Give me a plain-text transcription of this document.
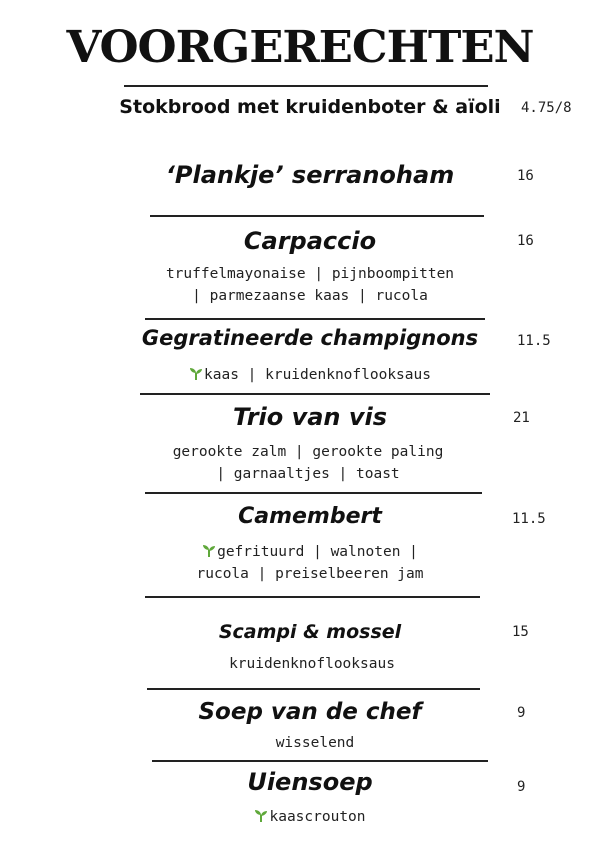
VOORGERECHTEN
Stokbrood met kruidenboter & aïoli	4.75/8
‘Plankje’ serranoham	16
Carpaccio	16
truffelmayonaise | pijnboompitten
| parmezaanse kaas | rucola
Gegratineerde champignons	11.5
kaas | kruidenknoflooksaus
Trio van vis	21
gerookte zalm | gerookte paling
| garnaaltjes | toast
Camembert	11.5
gefrituurd | walnoten |
rucola | preiselbeeren jam
Scampi & mossel	15
kruidenknoflooksaus
Soep van de chef	9
wisselend
Uiensoep	9
kaascrouton
